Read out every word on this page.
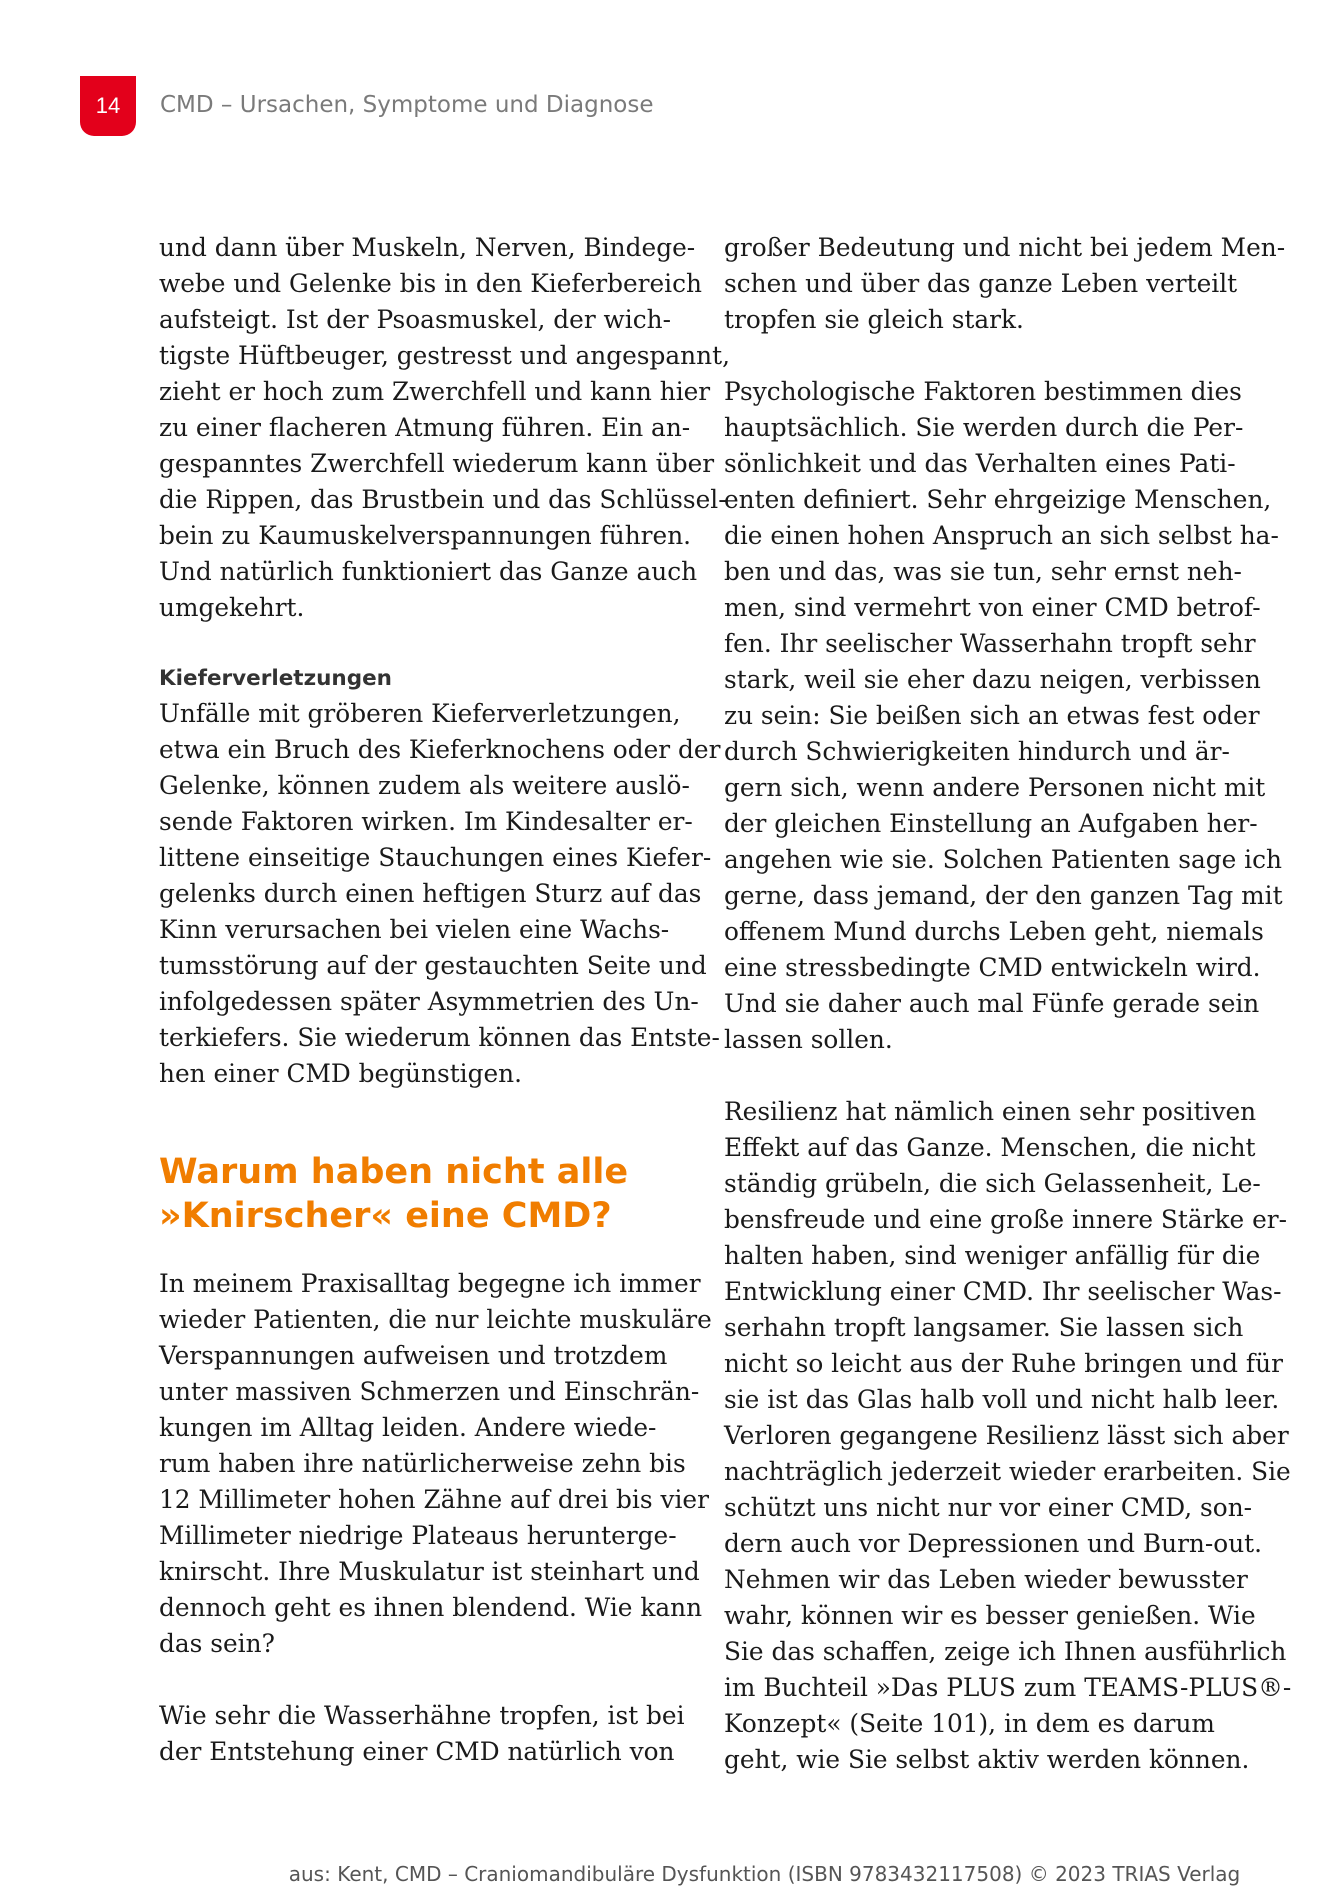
14	CMD – Ursachen, Symptome und Diagnose

und dann über Muskeln, Nerven, Bindege-
webe und Gelenke bis in den Kieferbereich
aufsteigt. Ist der Psoasmuskel, der wich-
tigste Hüftbeuger, gestresst und angespannt,
zieht er hoch zum Zwerchfell und kann hier
zu einer flacheren Atmung führen. Ein an-
gespanntes Zwerchfell wiederum kann über
die Rippen, das Brustbein und das Schlüssel-
bein zu Kaumuskelverspannungen führen.
Und natürlich funktioniert das Ganze auch
umgekehrt.

Kieferverletzungen

Unfälle mit gröberen Kieferverletzungen,
etwa ein Bruch des Kieferknochens oder der
Gelenke, können zudem als weitere auslö-
sende Faktoren wirken. Im Kindesalter er-
littene einseitige Stauchungen eines Kiefer-
gelenks durch einen heftigen Sturz auf das
Kinn verursachen bei vielen eine Wachs-
tumsstörung auf der gestauchten Seite und
infolgedessen später Asymmetrien des Un-
terkiefers. Sie wiederum können das Entste-
hen einer CMD begünstigen.

Warum haben nicht alle
»Knirscher« eine CMD?

In meinem Praxisalltag begegne ich immer
wieder Patienten, die nur leichte muskuläre
Verspannungen aufweisen und trotzdem
unter massiven Schmerzen und Einschrän-
kungen im Alltag leiden. Andere wiede-
rum haben ihre natürlicherweise zehn bis
12 Millimeter hohen Zähne auf drei bis vier
Millimeter niedrige Plateaus herunterge-
knirscht. Ihre Muskulatur ist steinhart und
dennoch geht es ihnen blendend. Wie kann
das sein?

Wie sehr die Wasserhähne tropfen, ist bei
der Entstehung einer CMD natürlich von

großer Bedeutung und nicht bei jedem Men-
schen und über das ganze Leben verteilt
tropfen sie gleich stark.

Psychologische Faktoren bestimmen dies
hauptsächlich. Sie werden durch die Per-
sönlichkeit und das Verhalten eines Pati-
enten definiert. Sehr ehrgeizige Menschen,
die einen hohen Anspruch an sich selbst ha-
ben und das, was sie tun, sehr ernst neh-
men, sind vermehrt von einer CMD betrof-
fen. Ihr seelischer Wasserhahn tropft sehr
stark, weil sie eher dazu neigen, verbissen
zu sein: Sie beißen sich an etwas fest oder
durch Schwierigkeiten hindurch und är-
gern sich, wenn andere Personen nicht mit
der gleichen Einstellung an Aufgaben her-
angehen wie sie. Solchen Patienten sage ich
gerne, dass jemand, der den ganzen Tag mit
offenem Mund durchs Leben geht, niemals
eine stressbedingte CMD entwickeln wird.
Und sie daher auch mal Fünfe gerade sein
lassen sollen.

Resilienz hat nämlich einen sehr positiven
Effekt auf das Ganze. Menschen, die nicht
ständig grübeln, die sich Gelassenheit, Le-
bensfreude und eine große innere Stärke er-
halten haben, sind weniger anfällig für die
Entwicklung einer CMD. Ihr seelischer Was-
serhahn tropft langsamer. Sie lassen sich
nicht so leicht aus der Ruhe bringen und für
sie ist das Glas halb voll und nicht halb leer.
Verloren gegangene Resilienz lässt sich aber
nachträglich jederzeit wieder erarbeiten. Sie
schützt uns nicht nur vor einer CMD, son-
dern auch vor Depressionen und Burn-out.
Nehmen wir das Leben wieder bewusster
wahr, können wir es besser genießen. Wie
Sie das schaffen, zeige ich Ihnen ausführlich
im Buchteil »Das PLUS zum TEAMS-PLUS®-
Konzept« (Seite 101), in dem es darum
geht, wie Sie selbst aktiv werden können.

aus: Kent, CMD – Craniomandibuläre Dysfunktion (ISBN 9783432117508) © 2023 TRIAS Verlag
